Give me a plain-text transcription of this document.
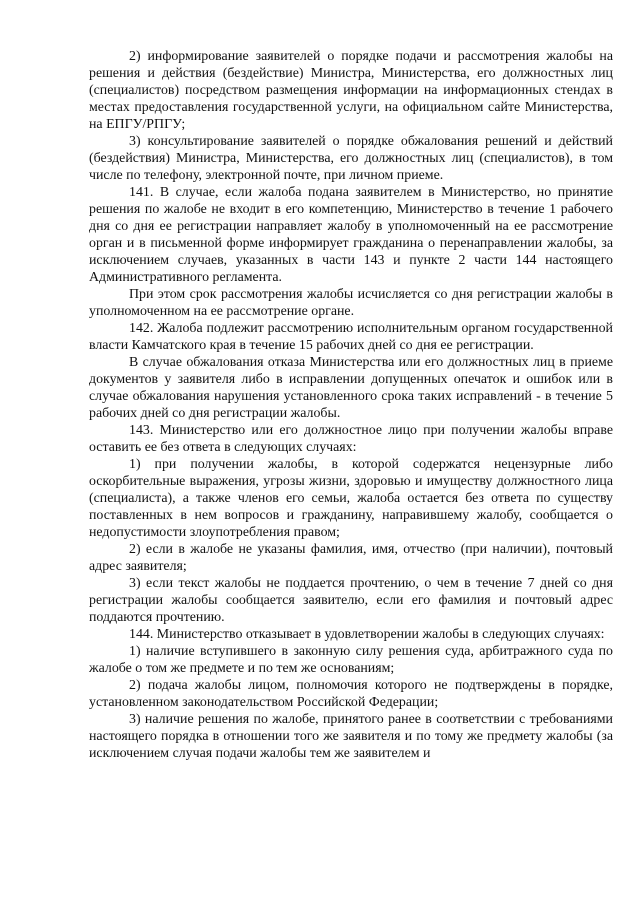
2) информирование заявителей о порядке подачи и рассмотрения жалобы на решения и действия (бездействие) Министра, Министерства, его должностных лиц (специалистов) посредством размещения информации на информационных стендах в местах предоставления государственной услуги, на официальном сайте Министерства, на ЕПГУ/РПГУ;

3) консультирование заявителей о порядке обжалования решений и действий (бездействия) Министра, Министерства, его должностных лиц (специалистов), в том числе по телефону, электронной почте, при личном приеме.

141. В случае, если жалоба подана заявителем в Министерство, но принятие решения по жалобе не входит в его компетенцию, Министерство в течение 1 рабочего дня со дня ее регистрации направляет жалобу в уполномоченный на ее рассмотрение орган и в письменной форме информирует гражданина о перенаправлении жалобы, за исключением случаев, указанных в части 143 и пункте 2 части 144 настоящего Административного регламента.

При этом срок рассмотрения жалобы исчисляется со дня регистрации жалобы в уполномоченном на ее рассмотрение органе.

142. Жалоба подлежит рассмотрению исполнительным органом государственной власти Камчатского края в течение 15 рабочих дней со дня ее регистрации.

В случае обжалования отказа Министерства или его должностных лиц в приеме документов у заявителя либо в исправлении допущенных опечаток и ошибок или в случае обжалования нарушения установленного срока таких исправлений - в течение 5 рабочих дней со дня регистрации жалобы.

143. Министерство или его должностное лицо при получении жалобы вправе оставить ее без ответа в следующих случаях:

1) при получении жалобы, в которой содержатся нецензурные либо оскорбительные выражения, угрозы жизни, здоровью и имуществу должностного лица (специалиста), а также членов его семьи, жалоба остается без ответа по существу поставленных в нем вопросов и гражданину, направившему жалобу, сообщается о недопустимости злоупотребления правом;

2) если в жалобе не указаны фамилия, имя, отчество (при наличии), почтовый адрес заявителя;

3) если текст жалобы не поддается прочтению, о чем в течение 7 дней со дня регистрации жалобы сообщается заявителю, если его фамилия и почтовый адрес поддаются прочтению.

144. Министерство отказывает в удовлетворении жалобы в следующих случаях:

1) наличие вступившего в законную силу решения суда, арбитражного суда по жалобе о том же предмете и по тем же основаниям;

2) подача жалобы лицом, полномочия которого не подтверждены в порядке, установленном законодательством Российской Федерации;

3) наличие решения по жалобе, принятого ранее в соответствии с требованиями настоящего порядка в отношении того же заявителя и по тому же предмету жалобы (за исключением случая подачи жалобы тем же заявителем и
